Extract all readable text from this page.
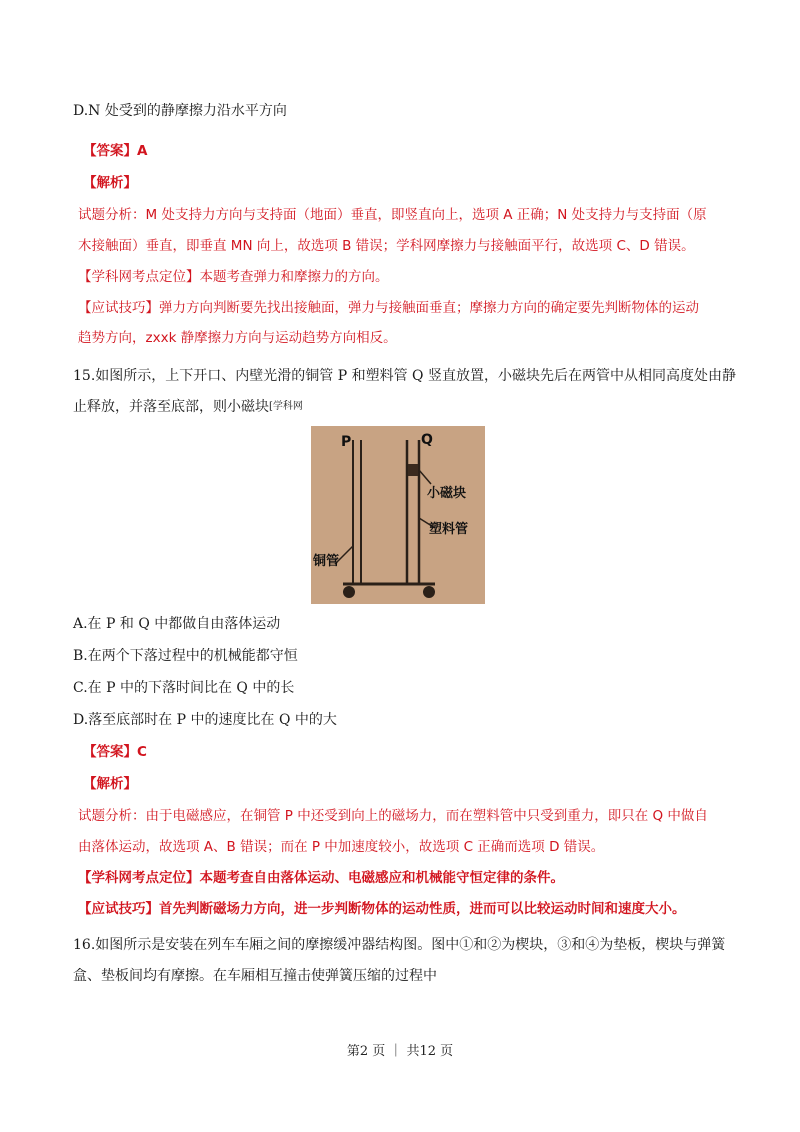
D.N 处受到的静摩擦力沿水平方向
【答案】A
【解析】
试题分析：M 处支持力方向与支持面（地面）垂直，即竖直向上，选项 A 正确；N 处支持力与支持面（原
木接触面）垂直，即垂直 MN 向上，故选项 B 错误；学科网摩擦力与接触面平行，故选项 C、D 错误。
【学科网考点定位】本题考查弹力和摩擦力的方向。
【应试技巧】弹力方向判断要先找出接触面，弹力与接触面垂直；摩擦力方向的确定要先判断物体的运动
趋势方向，zxxk 静摩擦力方向与运动趋势方向相反。
15.如图所示，上下开口、内壁光滑的铜管 P 和塑料管 Q 竖直放置，小磁块先后在两管中从相同高度处由静
止释放，并落至底部，则小磁块[学科网
P	Q
小磁块
塑料管
铜管
A.在 P 和 Q 中都做自由落体运动
B.在两个下落过程中的机械能都守恒
C.在 P 中的下落时间比在 Q 中的长
D.落至底部时在 P 中的速度比在 Q 中的大
【答案】C
【解析】
试题分析：由于电磁感应，在铜管 P 中还受到向上的磁场力，而在塑料管中只受到重力，即只在 Q 中做自
由落体运动，故选项 A、B 错误；而在 P 中加速度较小，故选项 C 正确而选项 D 错误。
【学科网考点定位】本题考查自由落体运动、电磁感应和机械能守恒定律的条件。
【应试技巧】首先判断磁场力方向，进一步判断物体的运动性质，进而可以比较运动时间和速度大小。
16.如图所示是安装在列车车厢之间的摩擦缓冲器结构图。图中①和②为楔块，③和④为垫板，楔块与弹簧
盒、垫板间均有摩擦。在车厢相互撞击使弹簧压缩的过程中
第2 页 ｜ 共12 页
